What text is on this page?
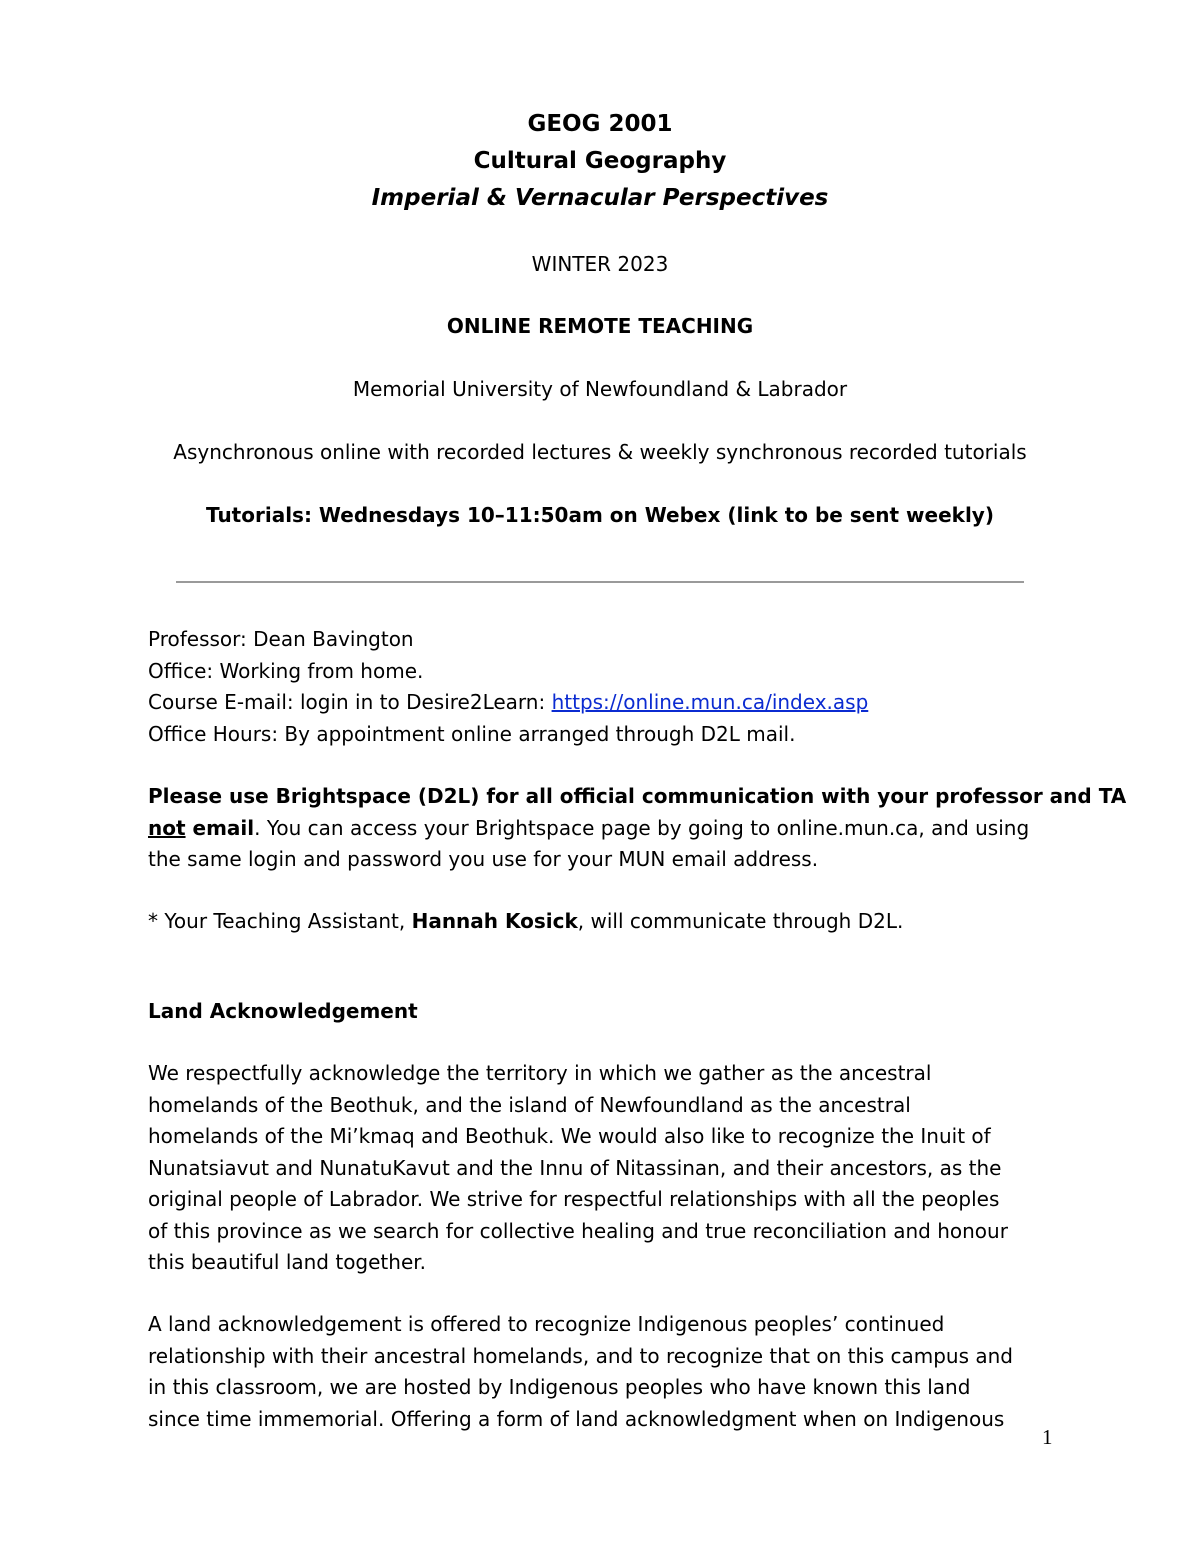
GEOG 2001
Cultural Geography
Imperial & Vernacular Perspectives
WINTER 2023
ONLINE REMOTE TEACHING
Memorial University of Newfoundland & Labrador
Asynchronous online with recorded lectures & weekly synchronous recorded tutorials
Tutorials: Wednesdays 10–11:50am on Webex (link to be sent weekly)
Professor: Dean Bavington
Office: Working from home.
Course E-mail: login in to Desire2Learn: https://online.mun.ca/index.asp
Office Hours: By appointment online arranged through D2L mail.
Please use Brightspace (D2L) for all official communication with your professor and TA
not email. You can access your Brightspace page by going to online.mun.ca, and using
the same login and password you use for your MUN email address.
* Your Teaching Assistant, Hannah Kosick, will communicate through D2L.
Land Acknowledgement
We respectfully acknowledge the territory in which we gather as the ancestral
homelands of the Beothuk, and the island of Newfoundland as the ancestral
homelands of the Mi’kmaq and Beothuk. We would also like to recognize the Inuit of
Nunatsiavut and NunatuKavut and the Innu of Nitassinan, and their ancestors, as the
original people of Labrador. We strive for respectful relationships with all the peoples
of this province as we search for collective healing and true reconciliation and honour
this beautiful land together.
A land acknowledgement is offered to recognize Indigenous peoples’ continued
relationship with their ancestral homelands, and to recognize that on this campus and
in this classroom, we are hosted by Indigenous peoples who have known this land
since time immemorial. Offering a form of land acknowledgment when on Indigenous
1
